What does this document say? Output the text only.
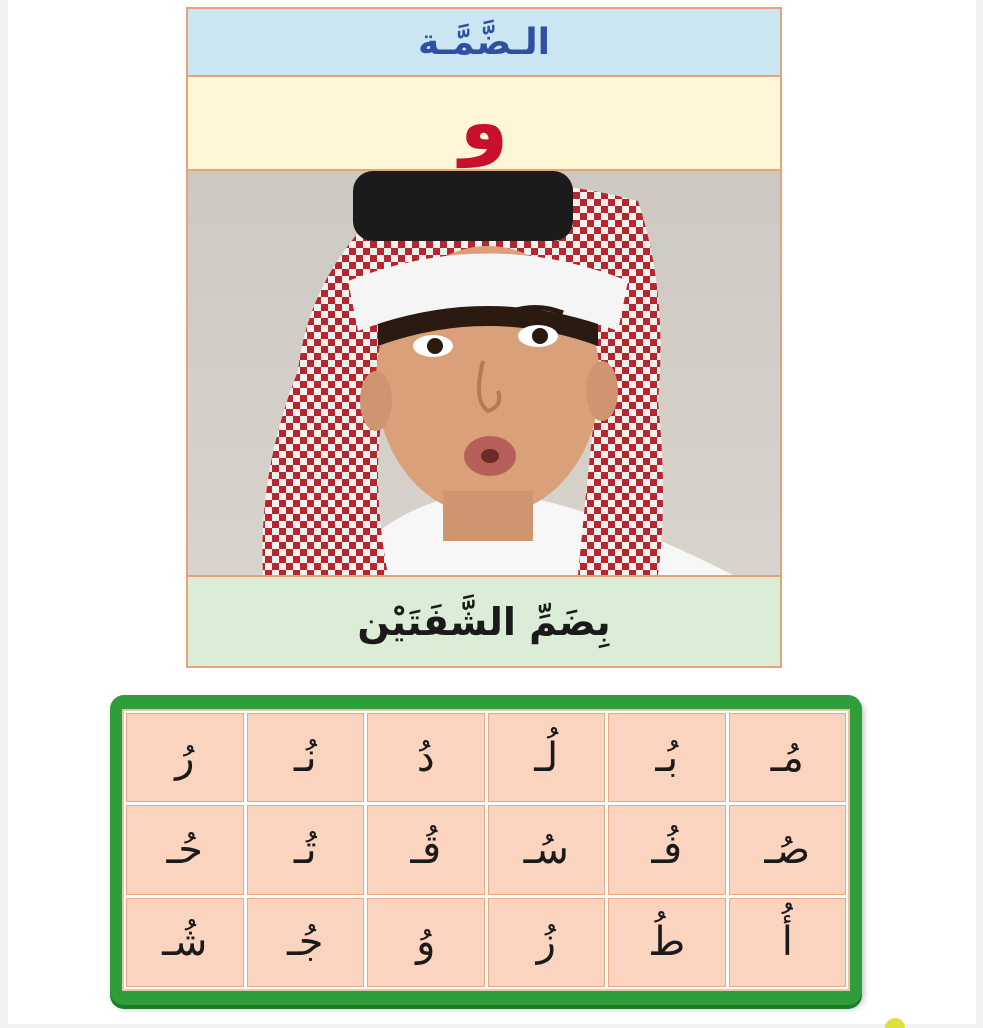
الـضَّمَّـة
و
بِضَمِّ الشَّفَتَيْن
مُـ
بُـ
لُـ
دُ
نُـ
رُ
صُـ
فُـ
سُـ
قُـ
تُـ
حُـ
أُ
طُ
زُ
وُ
جُـ
شُـ
